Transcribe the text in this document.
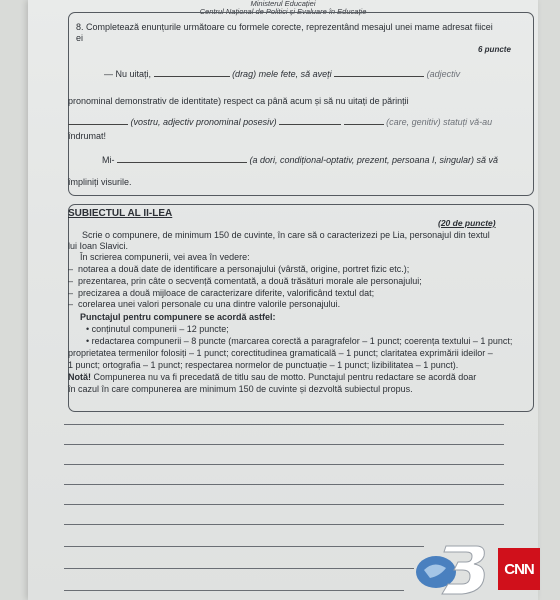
Ministerul Educației
Centrul Național de Politici și Evaluare în Educație
8. Completează enunțurile următoare cu formele corecte, reprezentând mesajul unei mame adresat fiicei
ei
6 puncte
— Nu uitați,	(drag) mele fete, să aveți	(adjectiv
pronominal demonstrativ de identitate) respect ca până acum și să nu uitați de părinții
(vostru, adjectiv pronominal posesiv)	(care, genitiv) statuți vă-au
îndrumat!
Mi-	(a dori, condițional-optativ, prezent, persoana I, singular) să vă
împliniți visurile.
SUBIECTUL AL II-LEA
(20 de puncte)
Scrie o compunere, de minimum 150 de cuvinte, în care să o caracterizezi pe Lia, personajul din textul
lui Ioan Slavici.
În scrierea compunerii, vei avea în vedere:
–  notarea a două date de identificare a personajului (vârstă, origine, portret fizic etc.);
–  prezentarea, prin câte o secvență comentată, a două trăsături morale ale personajului;
–  precizarea a două mijloace de caracterizare diferite, valorificând textul dat;
–  corelarea unei valori personale cu una dintre valorile personajului.
Punctajul pentru compunere se acordă astfel:
• conținutul compunerii – 12 puncte;
• redactarea compunerii – 8 puncte (marcarea corectă a paragrafelor – 1 punct; coerența textului – 1 punct;
proprietatea termenilor folosiți – 1 punct; corectitudinea gramaticală – 1 punct; claritatea exprimării ideilor –
1 punct; ortografia – 1 punct; respectarea normelor de punctuație – 1 punct; lizibilitatea – 1 punct).
Notă! Compunerea nu va fi precedată de titlu sau de motto. Punctajul pentru redactare se acordă doar
în cazul în care compunerea are minimum 150 de cuvinte și dezvoltă subiectul propus.
CNN
